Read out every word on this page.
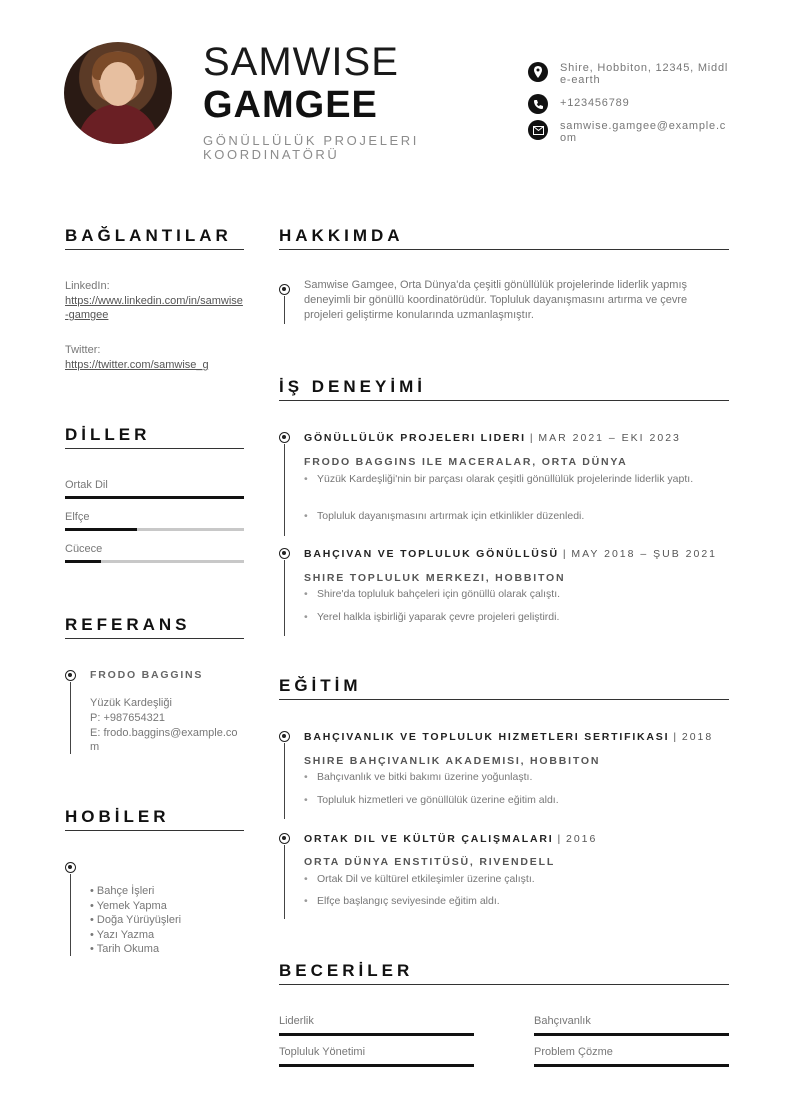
SAMWISE
GAMGEE
GÖNÜLLÜLÜK PROJELERI KOORDINATÖRÜ
Shire, Hobbiton, 12345, Middle-earth
+123456789
samwise.gamgee@example.com
BAĞLANTILAR
LinkedIn:
https://www.linkedin.com/in/samwise-gamgee
Twitter:
https://twitter.com/samwise_g
DİLLER
Ortak Dil
Elfçe
Cücece
REFERANS
FRODO BAGGINS
Yüzük Kardeşliği
P: +987654321
E: frodo.baggins@example.com
HOBİLER
• Bahçe İşleri
• Yemek Yapma
• Doğa Yürüyüşleri
• Yazı Yazma
• Tarih Okuma
HAKKIMDA
Samwise Gamgee, Orta Dünya'da çeşitli gönüllülük projelerinde liderlik yapmış deneyimli bir gönüllü koordinatörüdür. Topluluk dayanışmasını artırma ve çevre projeleri geliştirme konularında uzmanlaşmıştır.
İŞ DENEYİMİ
GÖNÜLLÜLÜK PROJELERI LIDERI | MAR 2021 – EKI 2023
FRODO BAGGINS ILE MACERALAR, ORTA DÜNYA
• Yüzük Kardeşliği'nin bir parçası olarak çeşitli gönüllülük projelerinde liderlik yaptı.
• Topluluk dayanışmasını artırmak için etkinlikler düzenledi.
BAHÇIVAN VE TOPLULUK GÖNÜLLÜSÜ | MAY 2018 – ŞUB 2021
SHIRE TOPLULUK MERKEZI, HOBBITON
• Shire'da topluluk bahçeleri için gönüllü olarak çalıştı.
• Yerel halkla işbirliği yaparak çevre projeleri geliştirdi.
EĞİTİM
BAHÇIVANLIK VE TOPLULUK HIZMETLERI SERTIFIKASI | 2018
SHIRE BAHÇIVANLIK AKADEMISI, HOBBITON
• Bahçıvanlık ve bitki bakımı üzerine yoğunlaştı.
• Topluluk hizmetleri ve gönüllülük üzerine eğitim aldı.
ORTAK DIL VE KÜLTÜR ÇALIŞMALARI | 2016
ORTA DÜNYA ENSTITÜSÜ, RIVENDELL
• Ortak Dil ve kültürel etkileşimler üzerine çalıştı.
• Elfçe başlangıç seviyesinde eğitim aldı.
BECERİLER
Liderlik	Bahçıvanlık
Topluluk Yönetimi	Problem Çözme
